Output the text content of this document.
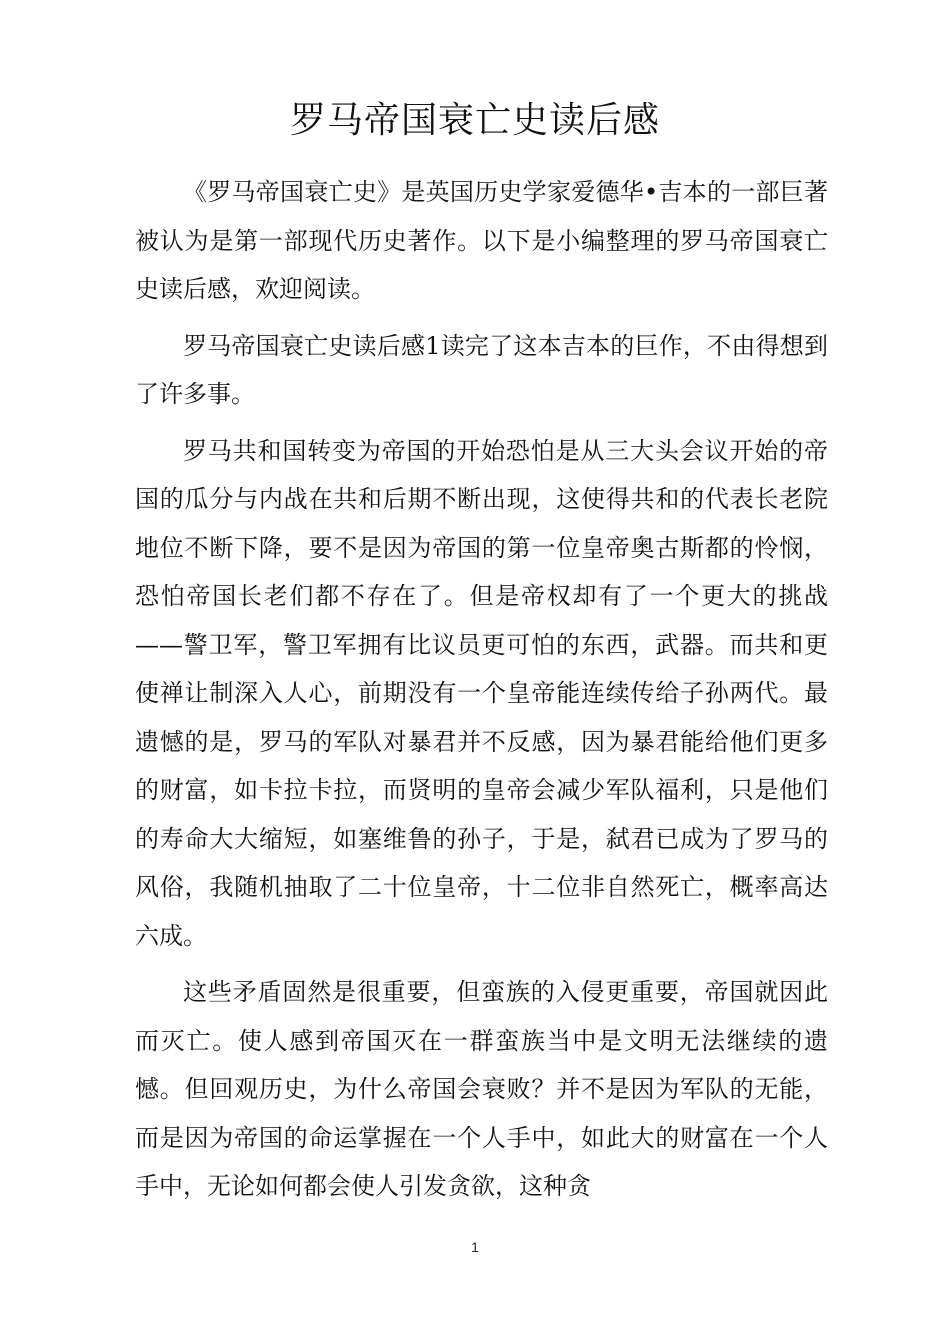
罗马帝国衰亡史读后感

《罗马帝国衰亡史》是英国历史学家爱德华•吉本的一部巨著被认为是第一部现代历史著作。以下是小编整理的罗马帝国衰亡史读后感，欢迎阅读。

罗马帝国衰亡史读后感1读完了这本吉本的巨作，不由得想到了许多事。

罗马共和国转变为帝国的开始恐怕是从三大头会议开始的帝国的瓜分与内战在共和后期不断出现，这使得共和的代表长老院地位不断下降，要不是因为帝国的第一位皇帝奥古斯都的怜悯，恐怕帝国长老们都不存在了。但是帝权却有了一个更大的挑战——警卫军，警卫军拥有比议员更可怕的东西，武器。而共和更使禅让制深入人心，前期没有一个皇帝能连续传给子孙两代。最遗憾的是，罗马的军队对暴君并不反感，因为暴君能给他们更多的财富，如卡拉卡拉，而贤明的皇帝会减少军队福利，只是他们的寿命大大缩短，如塞维鲁的孙子，于是，弑君已成为了罗马的风俗，我随机抽取了二十位皇帝，十二位非自然死亡，概率高达六成。

这些矛盾固然是很重要，但蛮族的入侵更重要，帝国就因此而灭亡。使人感到帝国灭在一群蛮族当中是文明无法继续的遗憾。但回观历史，为什么帝国会衰败？并不是因为军队的无能，而是因为帝国的命运掌握在一个人手中，如此大的财富在一个人手中，无论如何都会使人引发贪欲，这种贪

1
